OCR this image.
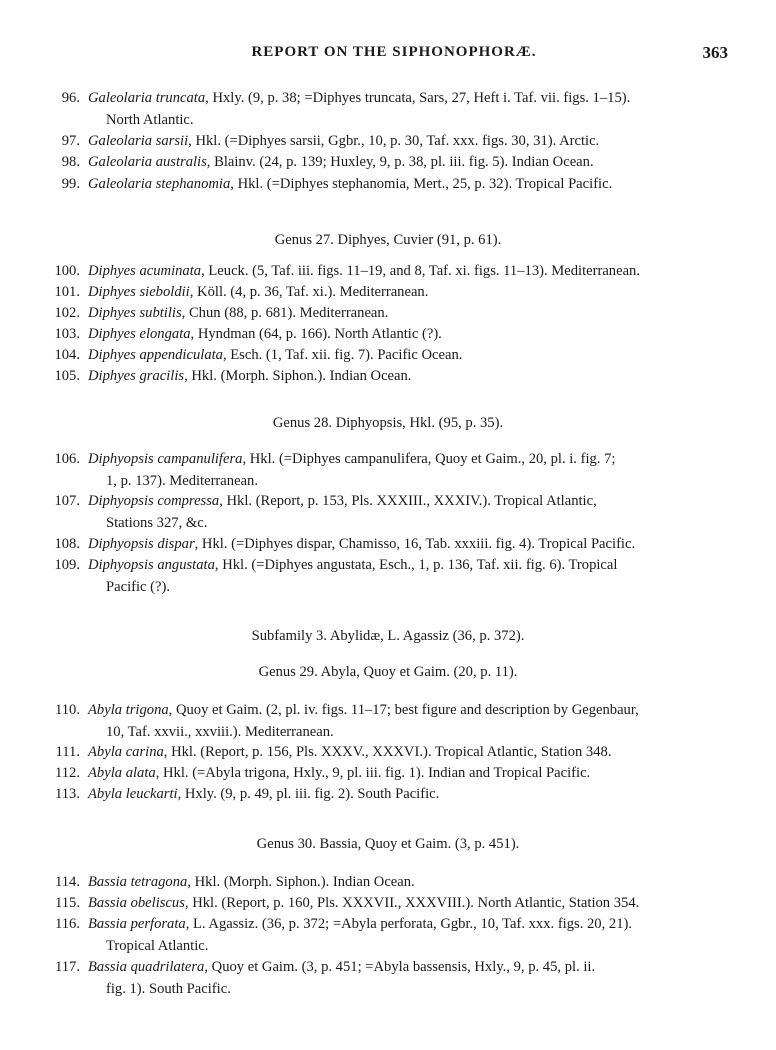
REPORT ON THE SIPHONOPHORÆ.	363
96. Galeolaria truncata, Hxly. (9, p. 38; =Diphyes truncata, Sars, 27, Heft i. Taf. vii. figs. 1–15).
North Atlantic.
97. Galeolaria sarsii, Hkl. (=Diphyes sarsii, Ggbr., 10, p. 30, Taf. xxx. figs. 30, 31). Arctic.
98. Galeolaria australis, Blainv. (24, p. 139; Huxley, 9, p. 38, pl. iii. fig. 5). Indian Ocean.
99. Galeolaria stephanomia, Hkl. (=Diphyes stephanomia, Mert., 25, p. 32). Tropical Pacific.
Genus 27. Diphyes, Cuvier (91, p. 61).
100. Diphyes acuminata, Leuck. (5, Taf. iii. figs. 11–19, and 8, Taf. xi. figs. 11–13). Mediterranean.
101. Diphyes sieboldii, Köll. (4, p. 36, Taf. xi.). Mediterranean.
102. Diphyes subtilis, Chun (88, p. 681). Mediterranean.
103. Diphyes elongata, Hyndman (64, p. 166). North Atlantic (?).
104. Diphyes appendiculata, Esch. (1, Taf. xii. fig. 7). Pacific Ocean.
105. Diphyes gracilis, Hkl. (Morph. Siphon.). Indian Ocean.
Genus 28. Diphyopsis, Hkl. (95, p. 35).
106. Diphyopsis campanulifera, Hkl. (=Diphyes campanulifera, Quoy et Gaim., 20, pl. i. fig. 7;
1, p. 137). Mediterranean.
107. Diphyopsis compressa, Hkl. (Report, p. 153, Pls. XXXIII., XXXIV.). Tropical Atlantic,
Stations 327, &c.
108. Diphyopsis dispar, Hkl. (=Diphyes dispar, Chamisso, 16, Tab. xxxiii. fig. 4). Tropical Pacific.
109. Diphyopsis angustata, Hkl. (=Diphyes angustata, Esch., 1, p. 136, Taf. xii. fig. 6). Tropical
Pacific (?).
Subfamily 3. Abylidæ, L. Agassiz (36, p. 372).
Genus 29. Abyla, Quoy et Gaim. (20, p. 11).
110. Abyla trigona, Quoy et Gaim. (2, pl. iv. figs. 11–17; best figure and description by Gegenbaur,
10, Taf. xxvii., xxviii.). Mediterranean.
111. Abyla carina, Hkl. (Report, p. 156, Pls. XXXV., XXXVI.). Tropical Atlantic, Station 348.
112. Abyla alata, Hkl. (=Abyla trigona, Hxly., 9, pl. iii. fig. 1). Indian and Tropical Pacific.
113. Abyla leuckarti, Hxly. (9, p. 49, pl. iii. fig. 2). South Pacific.
Genus 30. Bassia, Quoy et Gaim. (3, p. 451).
114. Bassia tetragona, Hkl. (Morph. Siphon.). Indian Ocean.
115. Bassia obeliscus, Hkl. (Report, p. 160, Pls. XXXVII., XXXVIII.). North Atlantic, Station 354.
116. Bassia perforata, L. Agassiz. (36, p. 372; =Abyla perforata, Ggbr., 10, Taf. xxx. figs. 20, 21).
Tropical Atlantic.
117. Bassia quadrilatera, Quoy et Gaim. (3, p. 451; =Abyla bassensis, Hxly., 9, p. 45, pl. ii.
fig. 1). South Pacific.
